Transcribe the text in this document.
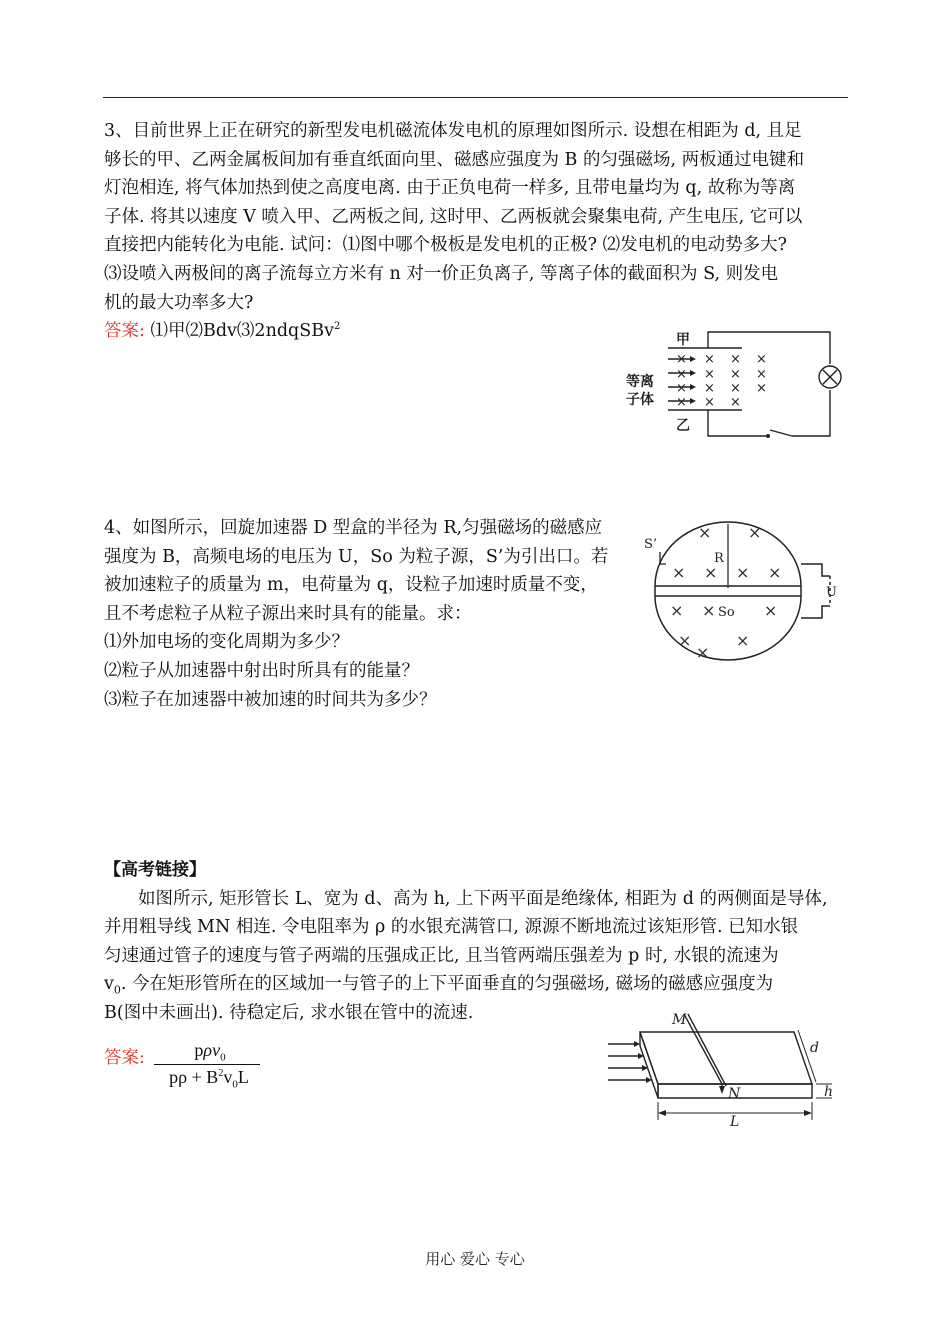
3、目前世界上正在研究的新型发电机磁流体发电机的原理如图所示. 设想在相距为 d, 且足
够长的甲、乙两金属板间加有垂直纸面向里、磁感应强度为 B 的匀强磁场, 两板通过电键和
灯泡相连, 将气体加热到使之高度电离. 由于正负电荷一样多, 且带电量均为 q, 故称为等离
子体. 将其以速度 V 喷入甲、乙两板之间, 这时甲、乙两板就会聚集电荷, 产生电压, 它可以
直接把内能转化为电能. 试问：⑴图中哪个极板是发电机的正极? ⑵发电机的电动势多大?
⑶设喷入两极间的离子流每立方米有 n 对一价正负离子, 等离子体的截面积为 S, 则发电
机的最大功率多大?
答案: ⑴甲⑵Bdv⑶2ndqSBv$^2$
× × × ×
× × × ×
× × × ×
× × ×
甲
乙
等离
子体
4、如图所示，回旋加速器 D 型盒的半径为 R,匀强磁场的磁感应
强度为 B，高频电场的电压为 U，So 为粒子源，S’为引出口。若
被加速粒子的质量为 m，电荷量为 q，设粒子加速时质量不变，
且不考虑粒子从粒子源出来时具有的能量。求：
⑴外加电场的变化周期为多少？
⑵粒子从加速器中射出时所具有的能量？
⑶粒子在加速器中被加速的时间共为多少？
× ×
× × × ×
× ×	×
×	×
×
S’
R
So
U
【高考链接】
如图所示, 矩形管长 L、宽为 d、高为 h, 上下两平面是绝缘体, 相距为 d 的两侧面是导体,
并用粗导线 MN 相连. 令电阻率为 ρ 的水银充满管口, 源源不断地流过该矩形管. 已知水银
匀速通过管子的速度与管子两端的压强成正比, 且当管两端压强差为 p 时, 水银的流速为
$v_0$. 今在矩形管所在的区域加一与管子的上下平面垂直的匀强磁场, 磁场的磁感应强度为
B(图中未画出). 待稳定后, 求水银在管中的流速.
答案:	pρv$_0$
$p\rho + B^2v_0L$
M
N
d
h
L
用心 爱心 专心
